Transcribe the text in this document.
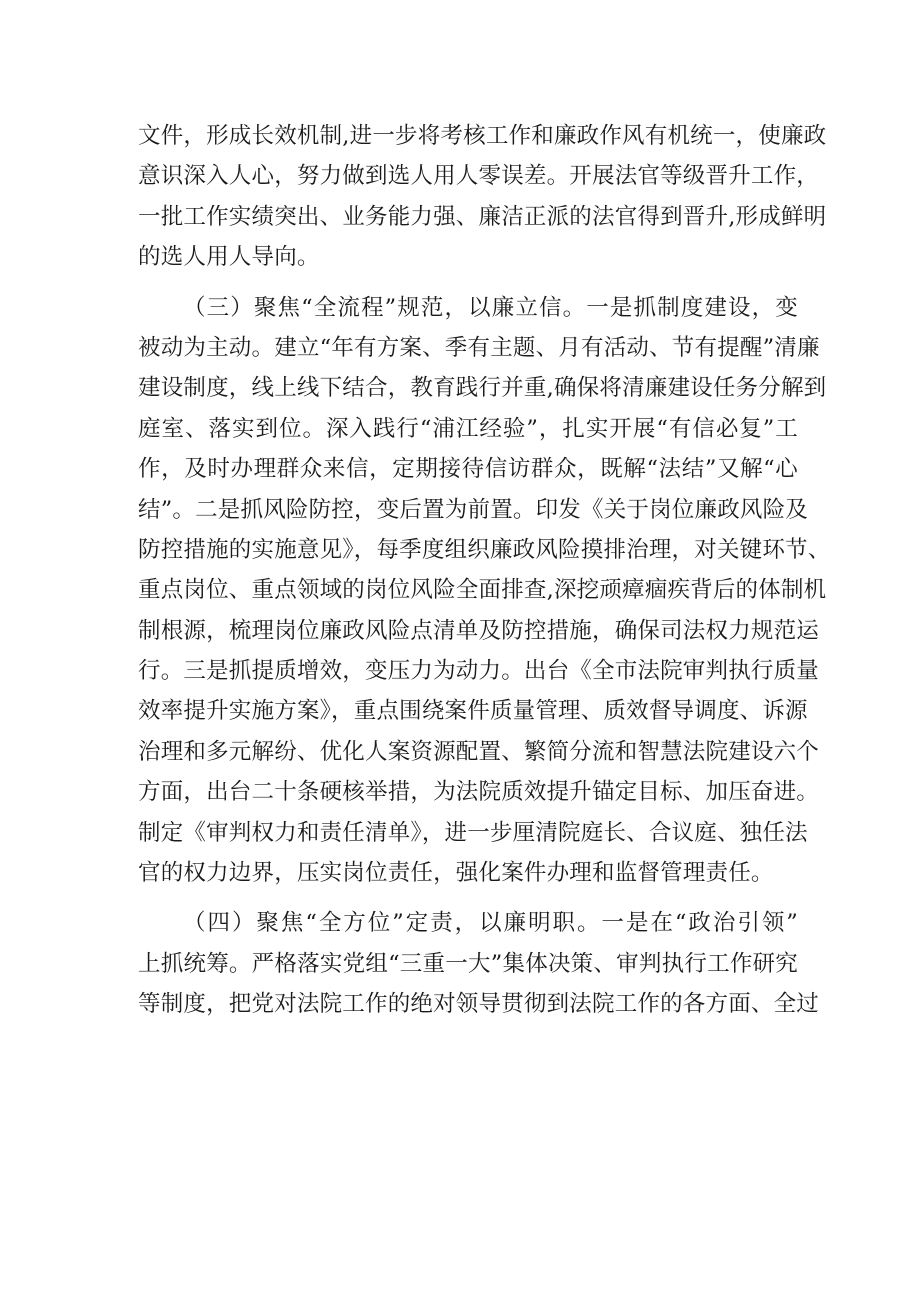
文件，形成长效机制,进一步将考核工作和廉政作风有机统一，使廉政
意识深入人心，努力做到选人用人零误差。开展法官等级晋升工作，
一批工作实绩突出、业务能力强、廉洁正派的法官得到晋升,形成鲜明
的选人用人导向。
（三）聚焦“全流程”规范，以廉立信。一是抓制度建设，变
被动为主动。建立“年有方案、季有主题、月有活动、节有提醒”清廉
建设制度，线上线下结合，教育践行并重,确保将清廉建设任务分解到
庭室、落实到位。深入践行“浦江经验”，扎实开展“有信必复”工
作，及时办理群众来信，定期接待信访群众，既解“法结”又解“心
结”。二是抓风险防控，变后置为前置。印发《关于岗位廉政风险及
防控措施的实施意见》，每季度组织廉政风险摸排治理，对关键环节、
重点岗位、重点领域的岗位风险全面排查,深挖顽瘴痼疾背后的体制机
制根源，梳理岗位廉政风险点清单及防控措施，确保司法权力规范运
行。三是抓提质增效，变压力为动力。出台《全市法院审判执行质量
效率提升实施方案》，重点围绕案件质量管理、质效督导调度、诉源
治理和多元解纷、优化人案资源配置、繁简分流和智慧法院建设六个
方面，出台二十条硬核举措，为法院质效提升锚定目标、加压奋进。
制定《审判权力和责任清单》，进一步厘清院庭长、合议庭、独任法
官的权力边界，压实岗位责任，强化案件办理和监督管理责任。
（四）聚焦“全方位”定责，以廉明职。一是在“政治引领”
上抓统筹。严格落实党组“三重一大”集体决策、审判执行工作研究
等制度，把党对法院工作的绝对领导贯彻到法院工作的各方面、全过
